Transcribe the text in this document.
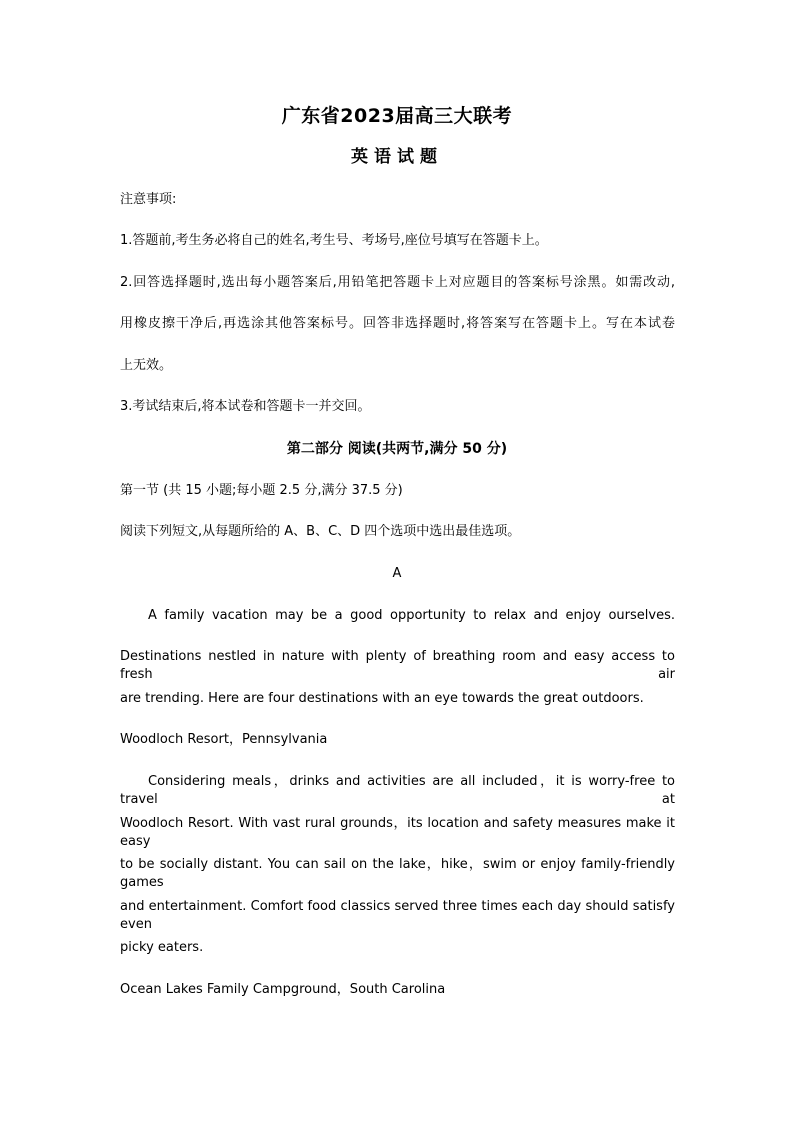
广东省2023届高三大联考
英语试题
注意事项:
1.答题前,考生务必将自己的姓名,考生号、考场号,座位号填写在答题卡上。
2.回答选择题时,选出每小题答案后,用铅笔把答题卡上对应题目的答案标号涂黑。如需改动,
用橡皮擦干净后,再选涂其他答案标号。回答非选择题时,将答案写在答题卡上。写在本试卷
上无效。
3.考试结束后,将本试卷和答题卡一并交回。
第二部分 阅读(共两节,满分 50 分)
第一节 (共 15 小题;每小题 2.5 分,满分 37.5 分)
阅读下列短文,从每题所给的 A、B、C、D 四个选项中选出最佳选项。
A
A family vacation may be a good opportunity to relax and enjoy ourselves.
Destinations nestled in nature with plenty of breathing room and easy access to fresh air
are trending. Here are four destinations with an eye towards the great outdoors.
Woodloch Resort，Pennsylvania
Considering meals，drinks and activities are all included，it is worry-free to travel at
Woodloch Resort. With vast rural grounds，its location and safety measures make it easy
to be socially distant. You can sail on the lake，hike，swim or enjoy family-friendly games
and entertainment. Comfort food classics served three times each day should satisfy even
picky eaters.
Ocean Lakes Family Campground，South Carolina
